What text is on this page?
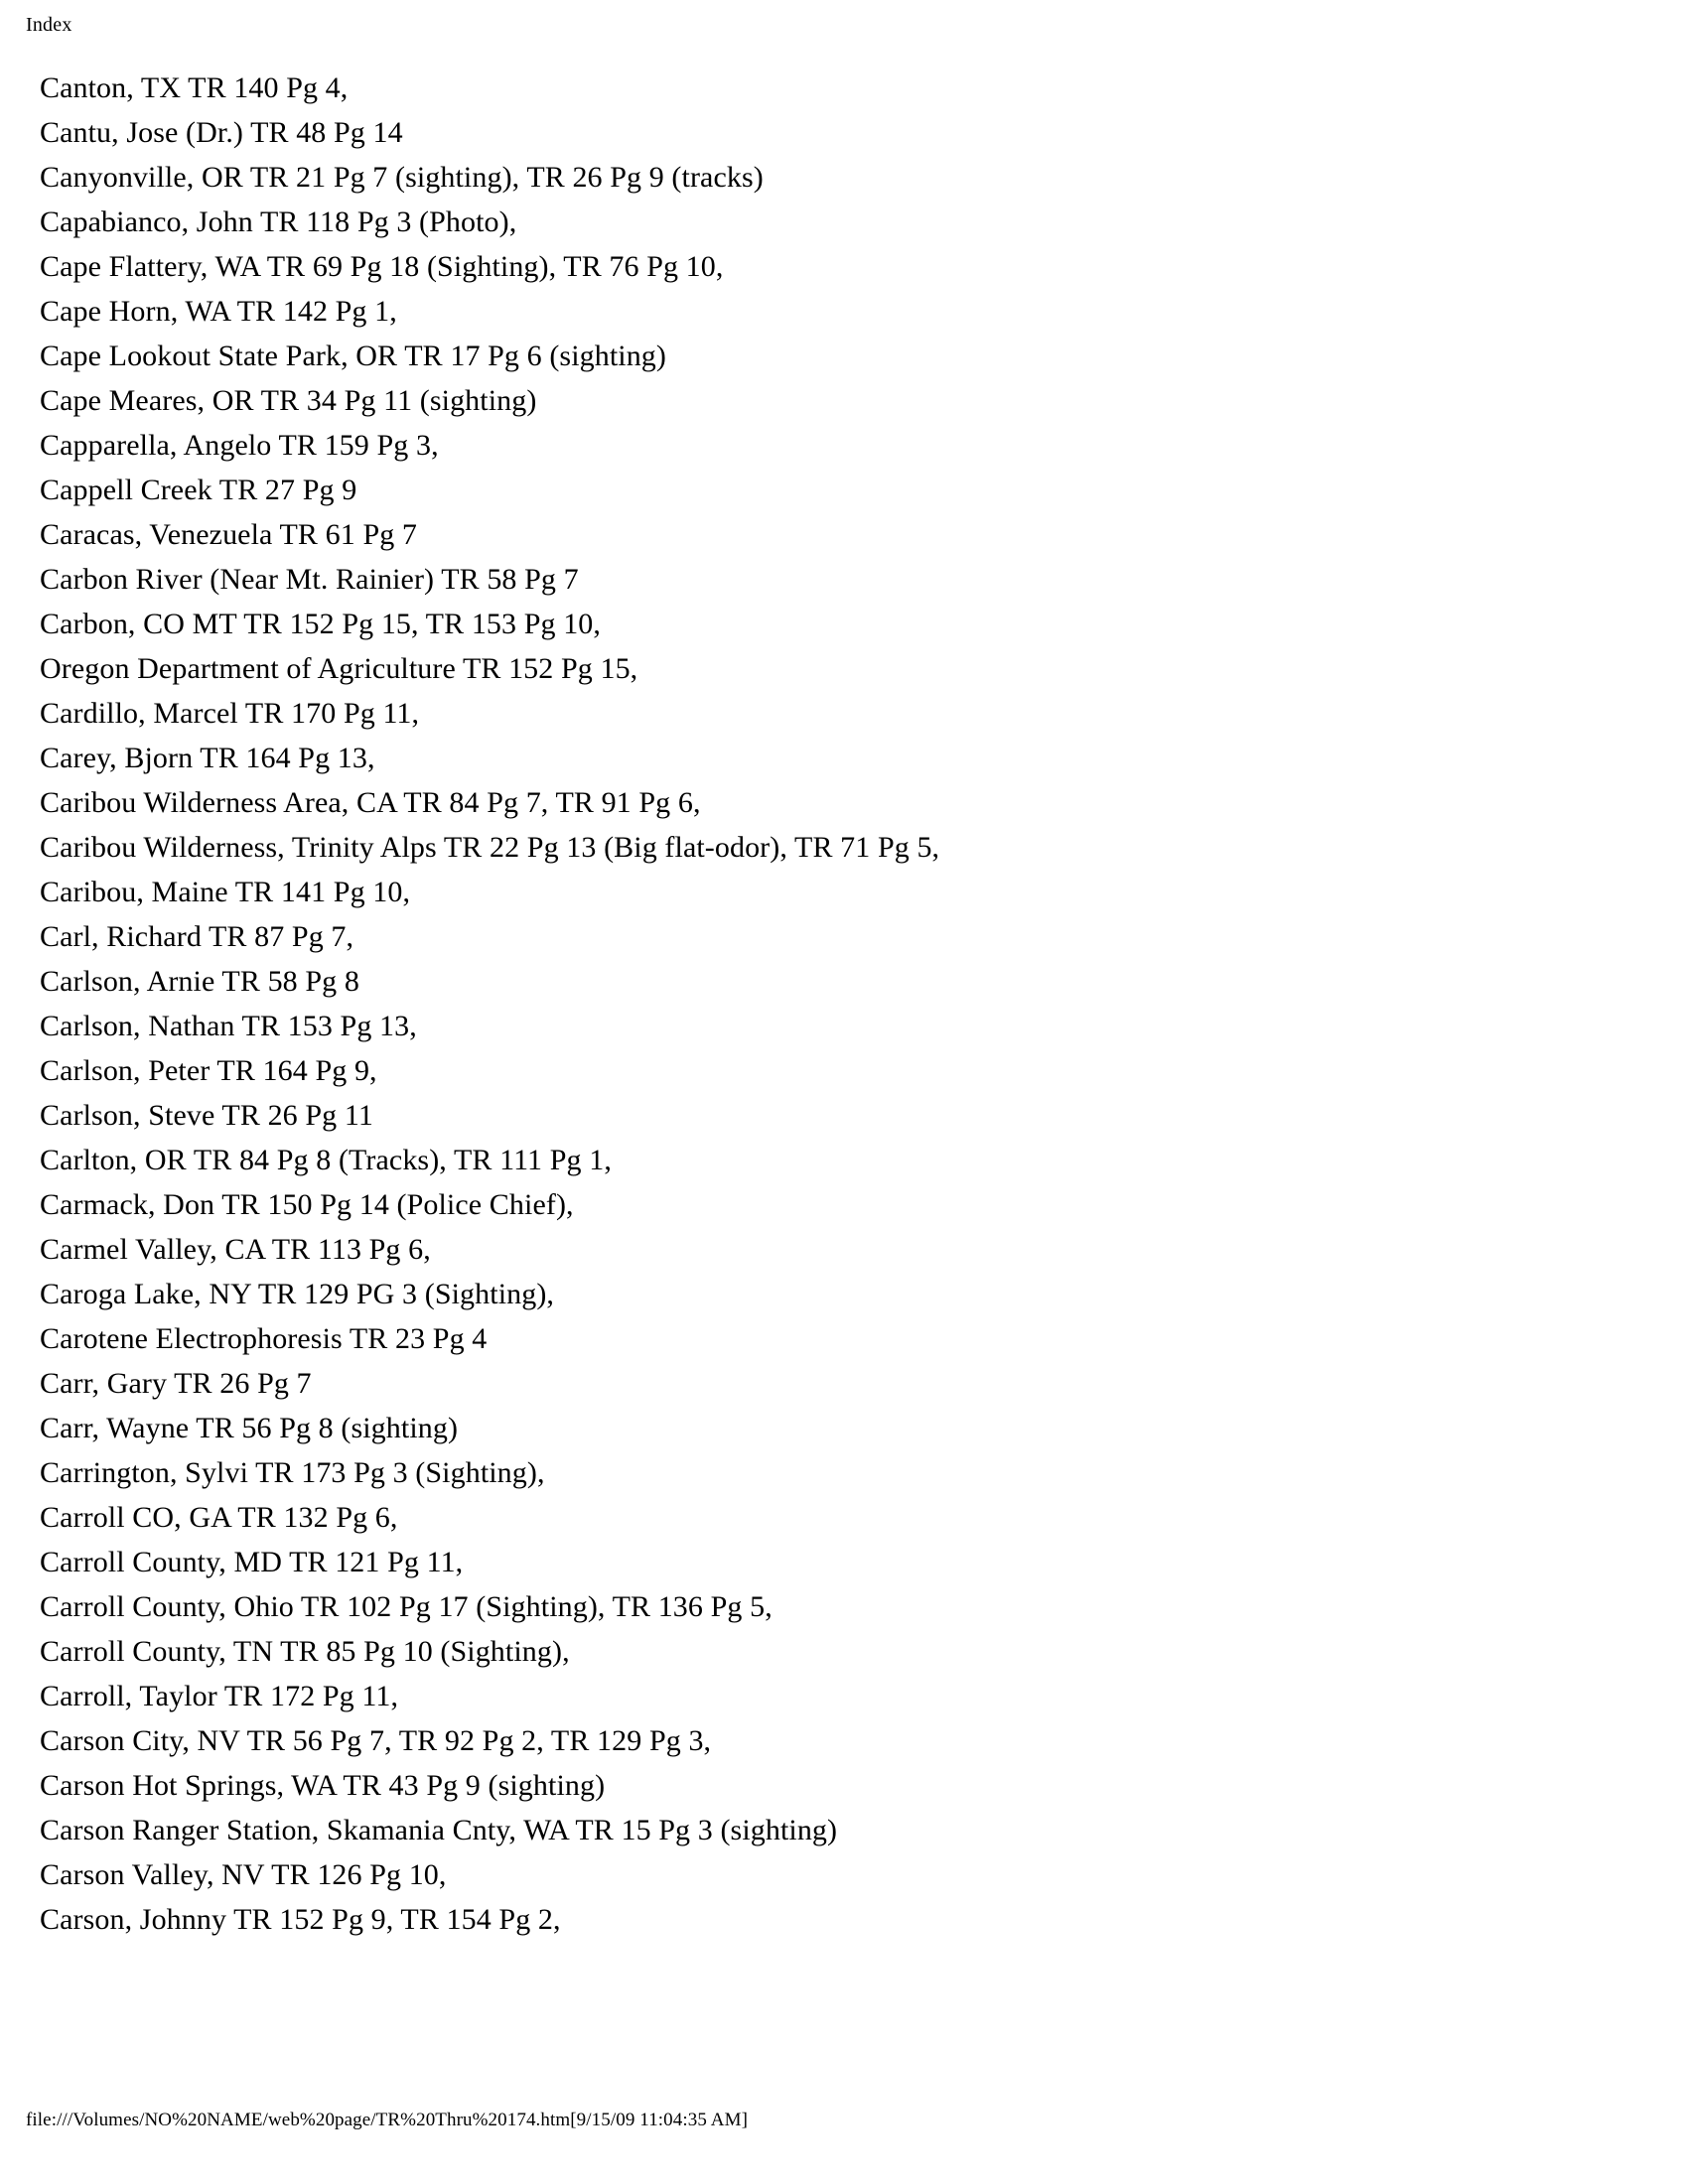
Index
Canton, TX TR 140 Pg 4,
Cantu, Jose (Dr.) TR 48 Pg 14
Canyonville, OR TR 21 Pg 7 (sighting), TR 26 Pg 9 (tracks)
Capabianco, John TR 118 Pg 3 (Photo),
Cape Flattery, WA TR 69 Pg 18 (Sighting), TR 76 Pg 10,
Cape Horn, WA TR 142 Pg 1,
Cape Lookout State Park, OR TR 17 Pg 6 (sighting)
Cape Meares, OR TR 34 Pg 11 (sighting)
Capparella, Angelo TR 159 Pg 3,
Cappell Creek TR 27 Pg 9
Caracas, Venezuela TR 61 Pg 7
Carbon River (Near Mt. Rainier) TR 58 Pg 7
Carbon, CO MT TR 152 Pg 15, TR 153 Pg 10,
Oregon Department of Agriculture TR 152 Pg 15,
Cardillo, Marcel TR 170 Pg 11,
Carey, Bjorn TR 164 Pg 13,
Caribou Wilderness Area, CA TR 84 Pg 7, TR 91 Pg 6,
Caribou Wilderness, Trinity Alps TR 22 Pg 13 (Big flat-odor), TR 71 Pg 5,
Caribou, Maine TR 141 Pg 10,
Carl, Richard TR 87 Pg 7,
Carlson, Arnie TR 58 Pg 8
Carlson, Nathan TR 153 Pg 13,
Carlson, Peter TR 164 Pg 9,
Carlson, Steve TR 26 Pg 11
Carlton, OR TR 84 Pg 8 (Tracks), TR 111 Pg 1,
Carmack, Don TR 150 Pg 14 (Police Chief),
Carmel Valley, CA TR 113 Pg 6,
Caroga Lake, NY TR 129 PG 3 (Sighting),
Carotene Electrophoresis TR 23 Pg 4
Carr, Gary TR 26 Pg 7
Carr, Wayne TR 56 Pg 8 (sighting)
Carrington, Sylvi TR 173 Pg 3 (Sighting),
Carroll CO, GA TR 132 Pg 6,
Carroll County, MD TR 121 Pg 11,
Carroll County, Ohio TR 102 Pg 17 (Sighting), TR 136 Pg 5,
Carroll County, TN TR 85 Pg 10 (Sighting),
Carroll, Taylor TR 172 Pg 11,
Carson City, NV TR 56 Pg 7, TR 92 Pg 2, TR 129 Pg 3,
Carson Hot Springs, WA TR 43 Pg 9 (sighting)
Carson Ranger Station, Skamania Cnty, WA TR 15 Pg 3 (sighting)
Carson Valley, NV TR 126 Pg 10,
Carson, Johnny TR 152 Pg 9, TR 154 Pg 2,
file:///Volumes/NO%20NAME/web%20page/TR%20Thru%20174.htm[9/15/09 11:04:35 AM]
